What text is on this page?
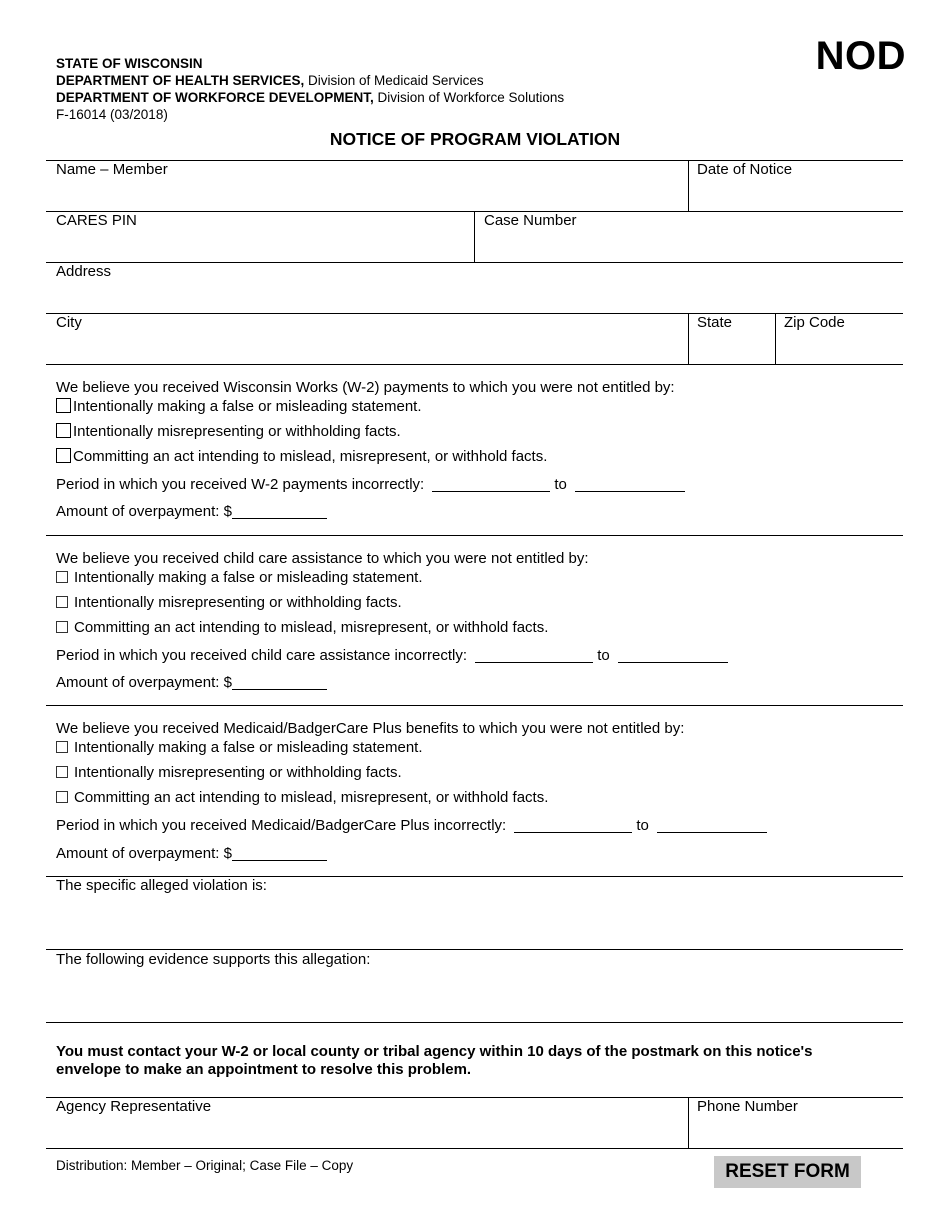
STATE OF WISCONSIN
DEPARTMENT OF HEALTH SERVICES, Division of Medicaid Services
DEPARTMENT OF WORKFORCE DEVELOPMENT, Division of Workforce Solutions
F-16014 (03/2018)
NOD
NOTICE OF PROGRAM VIOLATION
Name – Member	Date of Notice
CARES PIN	Case Number
Address
City	State	Zip Code
We believe you received Wisconsin Works (W-2) payments to which you were not entitled by:
Intentionally making a false or misleading statement.
Intentionally misrepresenting or withholding facts.
Committing an act intending to mislead, misrepresent, or withhold facts.
Period in which you received W-2 payments incorrectly:	to
Amount of overpayment: $
We believe you received child care assistance to which you were not entitled by:
Intentionally making a false or misleading statement.
Intentionally misrepresenting or withholding facts.
Committing an act intending to mislead, misrepresent, or withhold facts.
Period in which you received child care assistance incorrectly:	to
Amount of overpayment: $
We believe you received Medicaid/BadgerCare Plus benefits to which you were not entitled by:
Intentionally making a false or misleading statement.
Intentionally misrepresenting or withholding facts.
Committing an act intending to mislead, misrepresent, or withhold facts.
Period in which you received Medicaid/BadgerCare Plus incorrectly:	to
Amount of overpayment: $
The specific alleged violation is:
The following evidence supports this allegation:
You must contact your W-2 or local county or tribal agency within 10 days of the postmark on this notice's envelope to make an appointment to resolve this problem.
Agency Representative	Phone Number
Distribution: Member – Original; Case File – Copy	RESET FORM
